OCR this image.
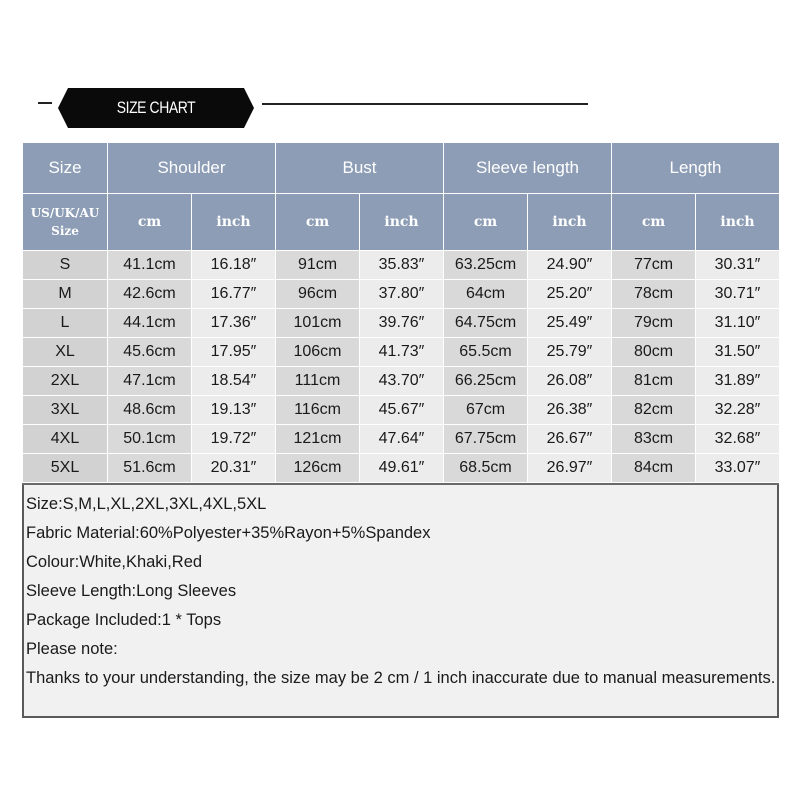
SIZE CHART
Size	Shoulder		Bust		Sleeve length		Length	

US/UK/AU
Size	cm	inch	cm	inch	cm	inch	cm	inch
S	41.1cm	16.18″	91cm	35.83″	63.25cm	24.90″	77cm	30.31″
M	42.6cm	16.77″	96cm	37.80″	64cm	25.20″	78cm	30.71″
L	44.1cm	17.36″	101cm	39.76″	64.75cm	25.49″	79cm	31.10″
XL	45.6cm	17.95″	106cm	41.73″	65.5cm	25.79″	80cm	31.50″
2XL	47.1cm	18.54″	111cm	43.70″	66.25cm	26.08″	81cm	31.89″
3XL	48.6cm	19.13″	116cm	45.67″	67cm	26.38″	82cm	32.28″
4XL	50.1cm	19.72″	121cm	47.64″	67.75cm	26.67″	83cm	32.68″
5XL	51.6cm	20.31″	126cm	49.61″	68.5cm	26.97″	84cm	33.07″
Size:S,M,L,XL,2XL,3XL,4XL,5XL
Fabric Material:60%Polyester+35%Rayon+5%Spandex
Colour:White,Khaki,Red
Sleeve Length:Long Sleeves
Package Included:1 * Tops
Please note:
Thanks to your understanding, the size may be 2 cm / 1 inch inaccurate due to manual measurements.
